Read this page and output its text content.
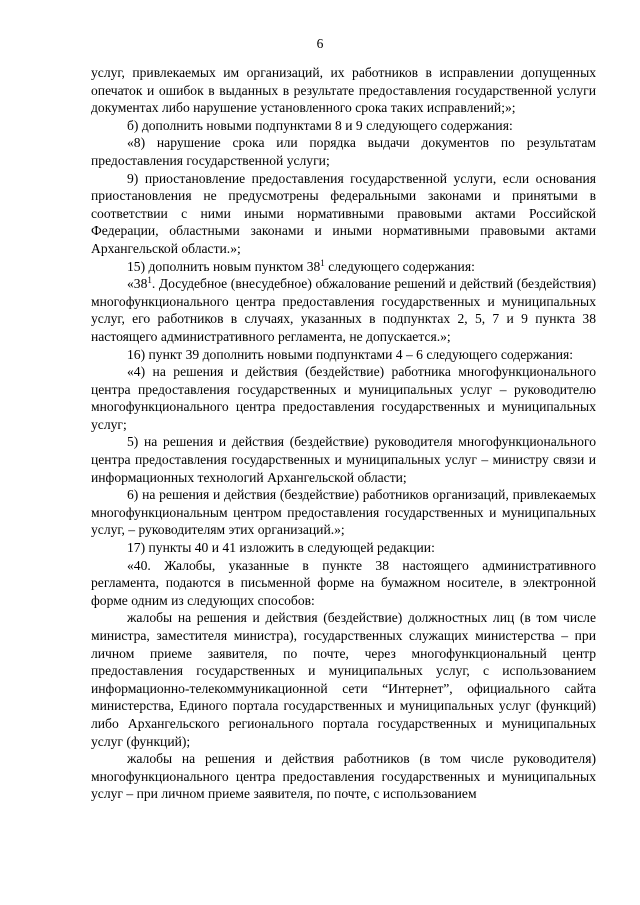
6

услуг, привлекаемых им организаций, их работников в исправлении допущенных опечаток и ошибок в выданных в результате предоставления государственной услуги документах либо нарушение установленного срока таких исправлений;»;

б) дополнить новыми подпунктами 8 и 9 следующего содержания:

«8) нарушение срока или порядка выдачи документов по результатам предоставления государственной услуги;

9) приостановление предоставления государственной услуги, если основания приостановления не предусмотрены федеральными законами и принятыми в соответствии с ними иными нормативными правовыми актами Российской Федерации, областными законами и иными нормативными правовыми актами Архангельской области.»;

15) дополнить новым пунктом $38^1$ следующего содержания:

«$38^1$. Досудебное (внесудебное) обжалование решений и действий (бездействия) многофункционального центра предоставления государственных и муниципальных услуг, его работников в случаях, указанных в подпунктах 2, 5, 7 и 9 пункта 38 настоящего административного регламента, не допускается.»;

16) пункт 39 дополнить новыми подпунктами 4 – 6 следующего содержания:

«4) на решения и действия (бездействие) работника многофункционального центра предоставления государственных и муниципальных услуг – руководителю многофункционального центра предоставления государственных и муниципальных услуг;

5) на решения и действия (бездействие) руководителя многофункционального центра предоставления государственных и муниципальных услуг – министру связи и информационных технологий Архангельской области;

6) на решения и действия (бездействие) работников организаций, привлекаемых многофункциональным центром предоставления государственных и муниципальных услуг, – руководителям этих организаций.»;

17) пункты 40 и 41 изложить в следующей редакции:

«40. Жалобы, указанные в пункте 38 настоящего административного регламента, подаются в письменной форме на бумажном носителе, в электронной форме одним из следующих способов:

жалобы на решения и действия (бездействие) должностных лиц (в том числе министра, заместителя министра), государственных служащих министерства – при личном приеме заявителя, по почте, через многофункциональный центр предоставления государственных и муниципальных услуг, с использованием информационно-телекоммуникационной сети “Интернет”, официального сайта министерства, Единого портала государственных и муниципальных услуг (функций) либо Архангельского регионального портала государственных и муниципальных услуг (функций);

жалобы на решения и действия работников (в том числе руководителя) многофункционального центра предоставления государственных и муниципальных услуг – при личном приеме заявителя, по почте, с использованием
